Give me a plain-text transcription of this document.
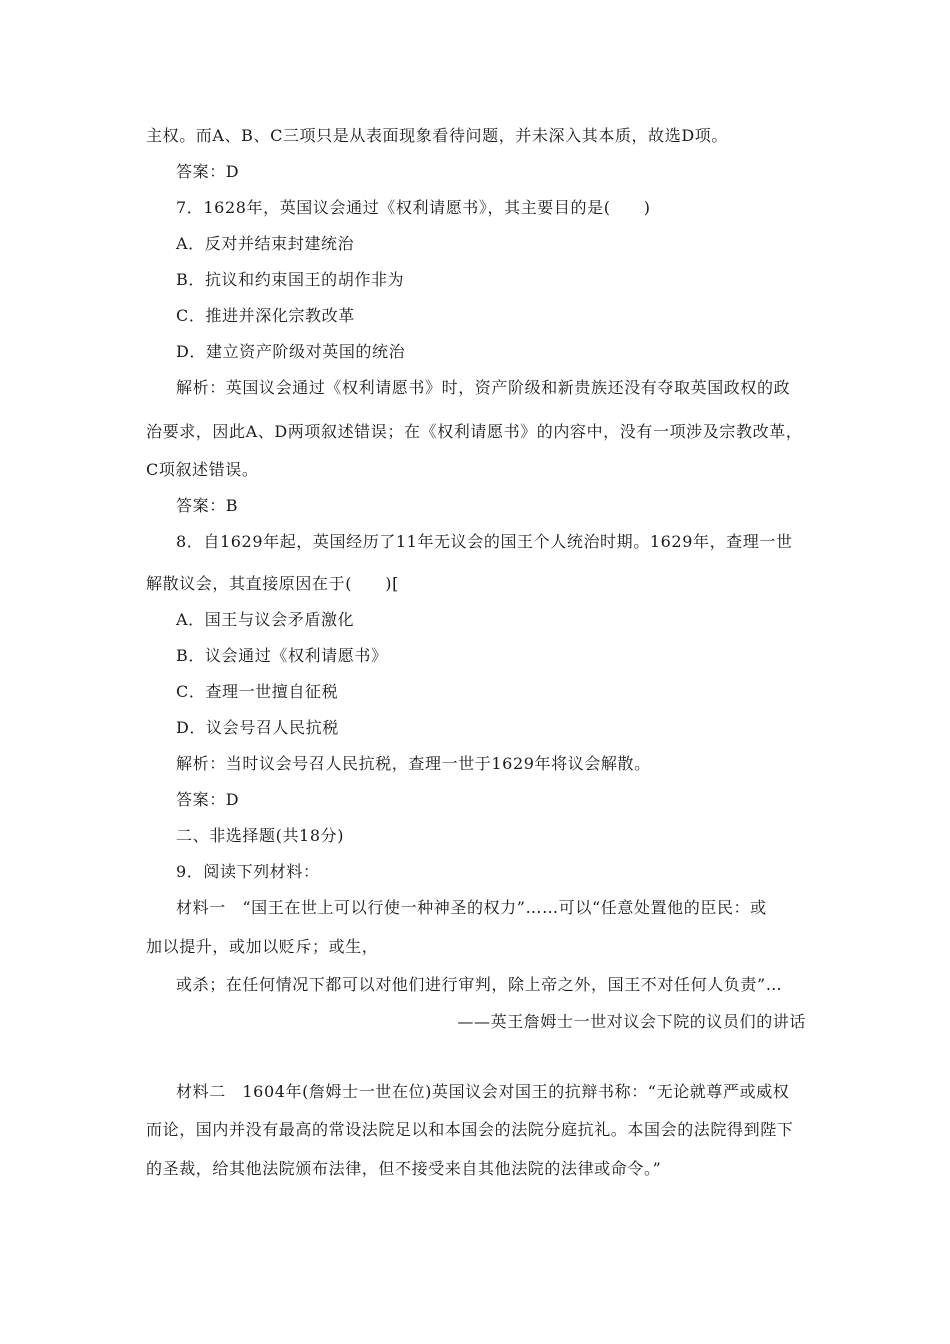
主权。而A、B、C三项只是从表面现象看待问题，并未深入其本质，故选D项。
答案：D
7．1628年，英国议会通过《权利请愿书》，其主要目的是(　　)
A．反对并结束封建统治
B．抗议和约束国王的胡作非为
C．推进并深化宗教改革
D．建立资产阶级对英国的统治
解析：英国议会通过《权利请愿书》时，资产阶级和新贵族还没有夺取英国政权的政
治要求，因此A、D两项叙述错误；在《权利请愿书》的内容中，没有一项涉及宗教改革，
C项叙述错误。
答案：B
8．自1629年起，英国经历了11年无议会的国王个人统治时期。1629年，查理一世
解散议会，其直接原因在于(　　)[
A．国王与议会矛盾激化
B．议会通过《权利请愿书》
C．查理一世擅自征税
D．议会号召人民抗税
解析：当时议会号召人民抗税，查理一世于1629年将议会解散。
答案：D
二、非选择题(共18分)
9．阅读下列材料：
材料一　“国王在世上可以行使一种神圣的权力”……可以“任意处置他的臣民：或
加以提升，或加以贬斥；或生，
或杀；在任何情况下都可以对他们进行审判，除上帝之外，国王不对任何人负责”…
——英王詹姆士一世对议会下院的议员们的讲话
材料二　1604年(詹姆士一世在位)英国议会对国王的抗辩书称：“无论就尊严或威权
而论，国内并没有最高的常设法院足以和本国会的法院分庭抗礼。本国会的法院得到陛下
的圣裁，给其他法院颁布法律，但不接受来自其他法院的法律或命令。”
